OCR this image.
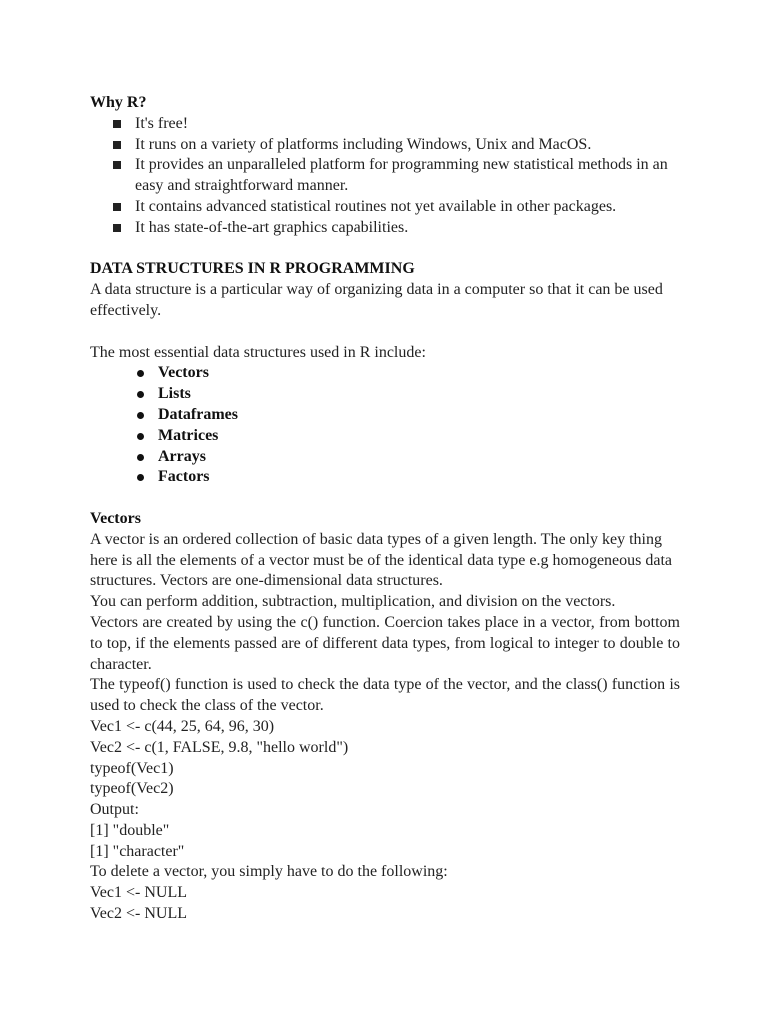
Why R?

It's free!
It runs on a variety of platforms including Windows, Unix and MacOS.
It provides an unparalleled platform for programming new statistical methods in an easy and straightforward manner.
It contains advanced statistical routines not yet available in other packages.
It has state-of-the-art graphics capabilities.

DATA STRUCTURES IN R PROGRAMMING

A data structure is a particular way of organizing data in a computer so that it can be used effectively.

The most essential data structures used in R include:

Vectors
Lists
Dataframes
Matrices
Arrays
Factors

Vectors

A vector is an ordered collection of basic data types of a given length. The only key thing here is all the elements of a vector must be of the identical data type e.g homogeneous data structures. Vectors are one-dimensional data structures.

You can perform addition, subtraction, multiplication, and division on the vectors.

Vectors are created by using the c() function. Coercion takes place in a vector, from bottom to top, if the elements passed are of different data types, from logical to integer to double to character.

The typeof() function is used to check the data type of the vector, and the class() function is used to check the class of the vector.

Vec1 <- c(44, 25, 64, 96, 30)

Vec2 <- c(1, FALSE, 9.8, "hello world")

typeof(Vec1)

typeof(Vec2)

Output:

[1] "double"

[1] "character"

To delete a vector, you simply have to do the following:

Vec1 <- NULL

Vec2 <- NULL
